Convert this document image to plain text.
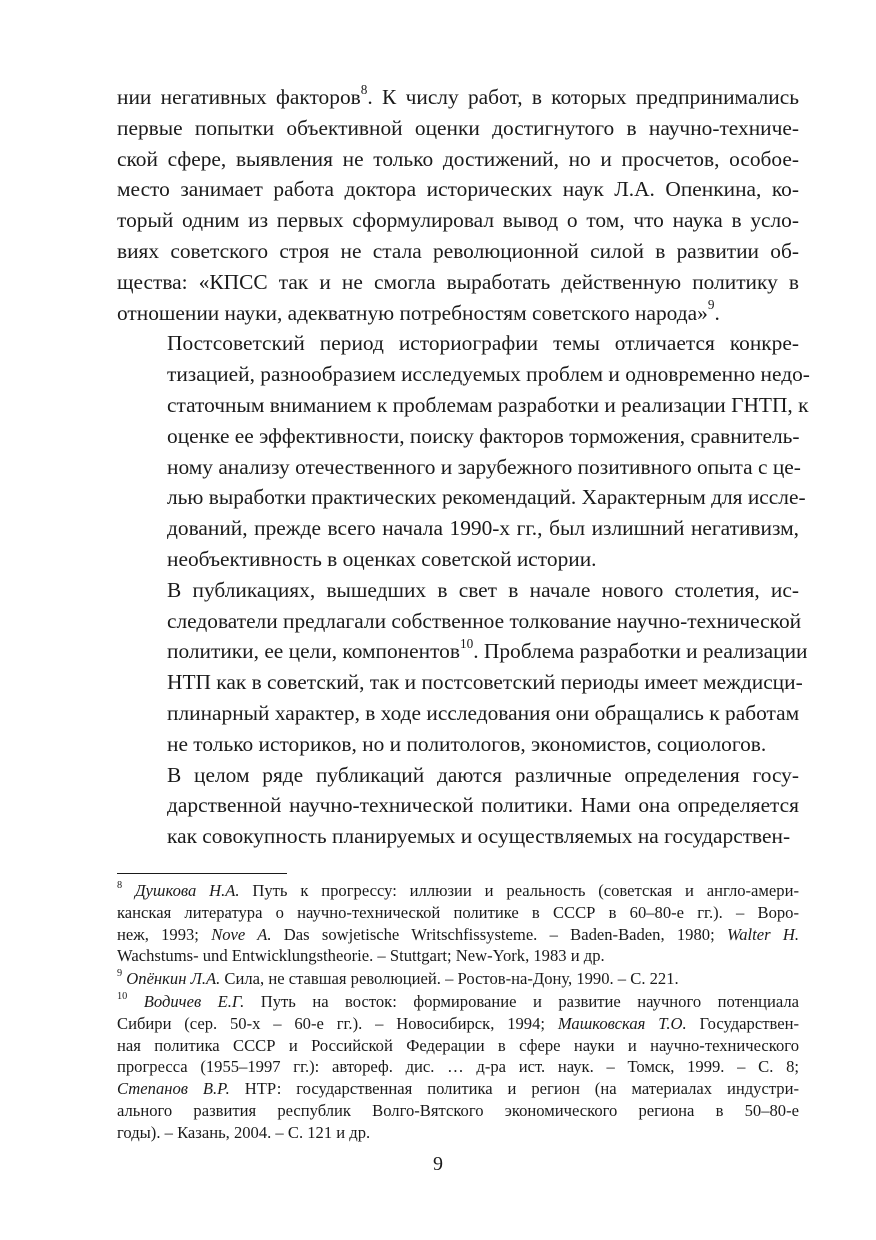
нии негативных факторов$^8$. К числу работ, в которых предпринимались
первые попытки объективной оценки достигнутого в научно-техниче-
ской сфере, выявления не только достижений, но и просчетов, особое-
место занимает работа доктора исторических наук Л.А. Опенкина, ко-
торый одним из первых сформулировал вывод о том, что наука в усло-
виях советского строя не стала революционной силой в развитии об-
щества: «КПСС так и не смогла выработать действенную политику в
отношении науки, адекватную потребностям советского народа»$^9$.

Постсоветский период историографии темы отличается конкре-
тизацией, разнообразием исследуемых проблем и одновременно недо-
статочным вниманием к проблемам разработки и реализации ГНТП, к
оценке ее эффективности, поиску факторов торможения, сравнитель-
ному анализу отечественного и зарубежного позитивного опыта с це-
лью выработки практических рекомендаций. Характерным для иссле-
дований, прежде всего начала 1990-х гг., был излишний негативизм,
необъективность в оценках советской истории.

В публикациях, вышедших в свет в начале нового столетия, ис-
следователи предлагали собственное толкование научно-технической
политики, ее цели, компонентов$^{10}$. Проблема разработки и реализации
НТП как в советский, так и постсоветский периоды имеет междисци-
плинарный характер, в ходе исследования они обращались к работам
не только историков, но и политологов, экономистов, социологов.

В целом ряде публикаций даются различные определения госу-
дарственной научно-технической политики. Нами она определяется
как совокупность планируемых и осуществляемых на государствен-

$^8$ Душкова Н.А. Путь к прогрессу: иллюзии и реальность (советская и англо-амери-
канская литература о научно-технической политике в СССР в 60–80-е гг.). – Воро-
неж, 1993; Nove A. Das sowjetische Writschfissysteme. – Baden-Baden, 1980; Walter H.
Wachstums- und Entwicklungstheorie. – Stuttgart; New-York, 1983 и др.
$^9$ Опёнкин Л.А. Сила, не ставшая революцией. – Ростов-на-Дону, 1990. – С. 221.
$^{10}$ Водичев Е.Г. Путь на восток: формирование и развитие научного потенциала
Сибири (сер. 50-х – 60-е гг.). – Новосибирск, 1994; Машковская Т.О. Государствен-
ная политика СССР и Российской Федерации в сфере науки и научно-технического
прогресса (1955–1997 гг.): автореф. дис. … д-ра ист. наук. – Томск, 1999. – С. 8;
Степанов В.Р. НТР: государственная политика и регион (на материалах индустри-
ального развития республик Волго-Вятского экономического региона в 50–80-е
годы). – Казань, 2004. – С. 121 и др.
9
